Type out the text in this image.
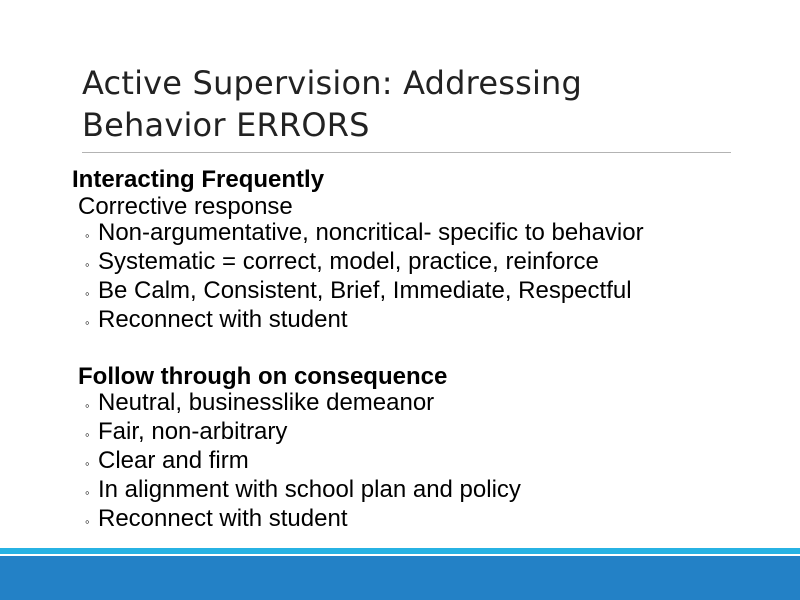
Active Supervision: Addressing
Behavior ERRORS
Interacting Frequently

Corrective response

◦ Non-argumentative, noncritical- specific to behavior
◦ Systematic = correct, model, practice, reinforce
◦ Be Calm, Consistent, Brief, Immediate, Respectful
◦ Reconnect with student
Follow through on consequence
◦ Neutral, businesslike demeanor
◦ Fair, non-arbitrary
◦ Clear and firm
◦ In alignment with school plan and policy
◦ Reconnect with student
